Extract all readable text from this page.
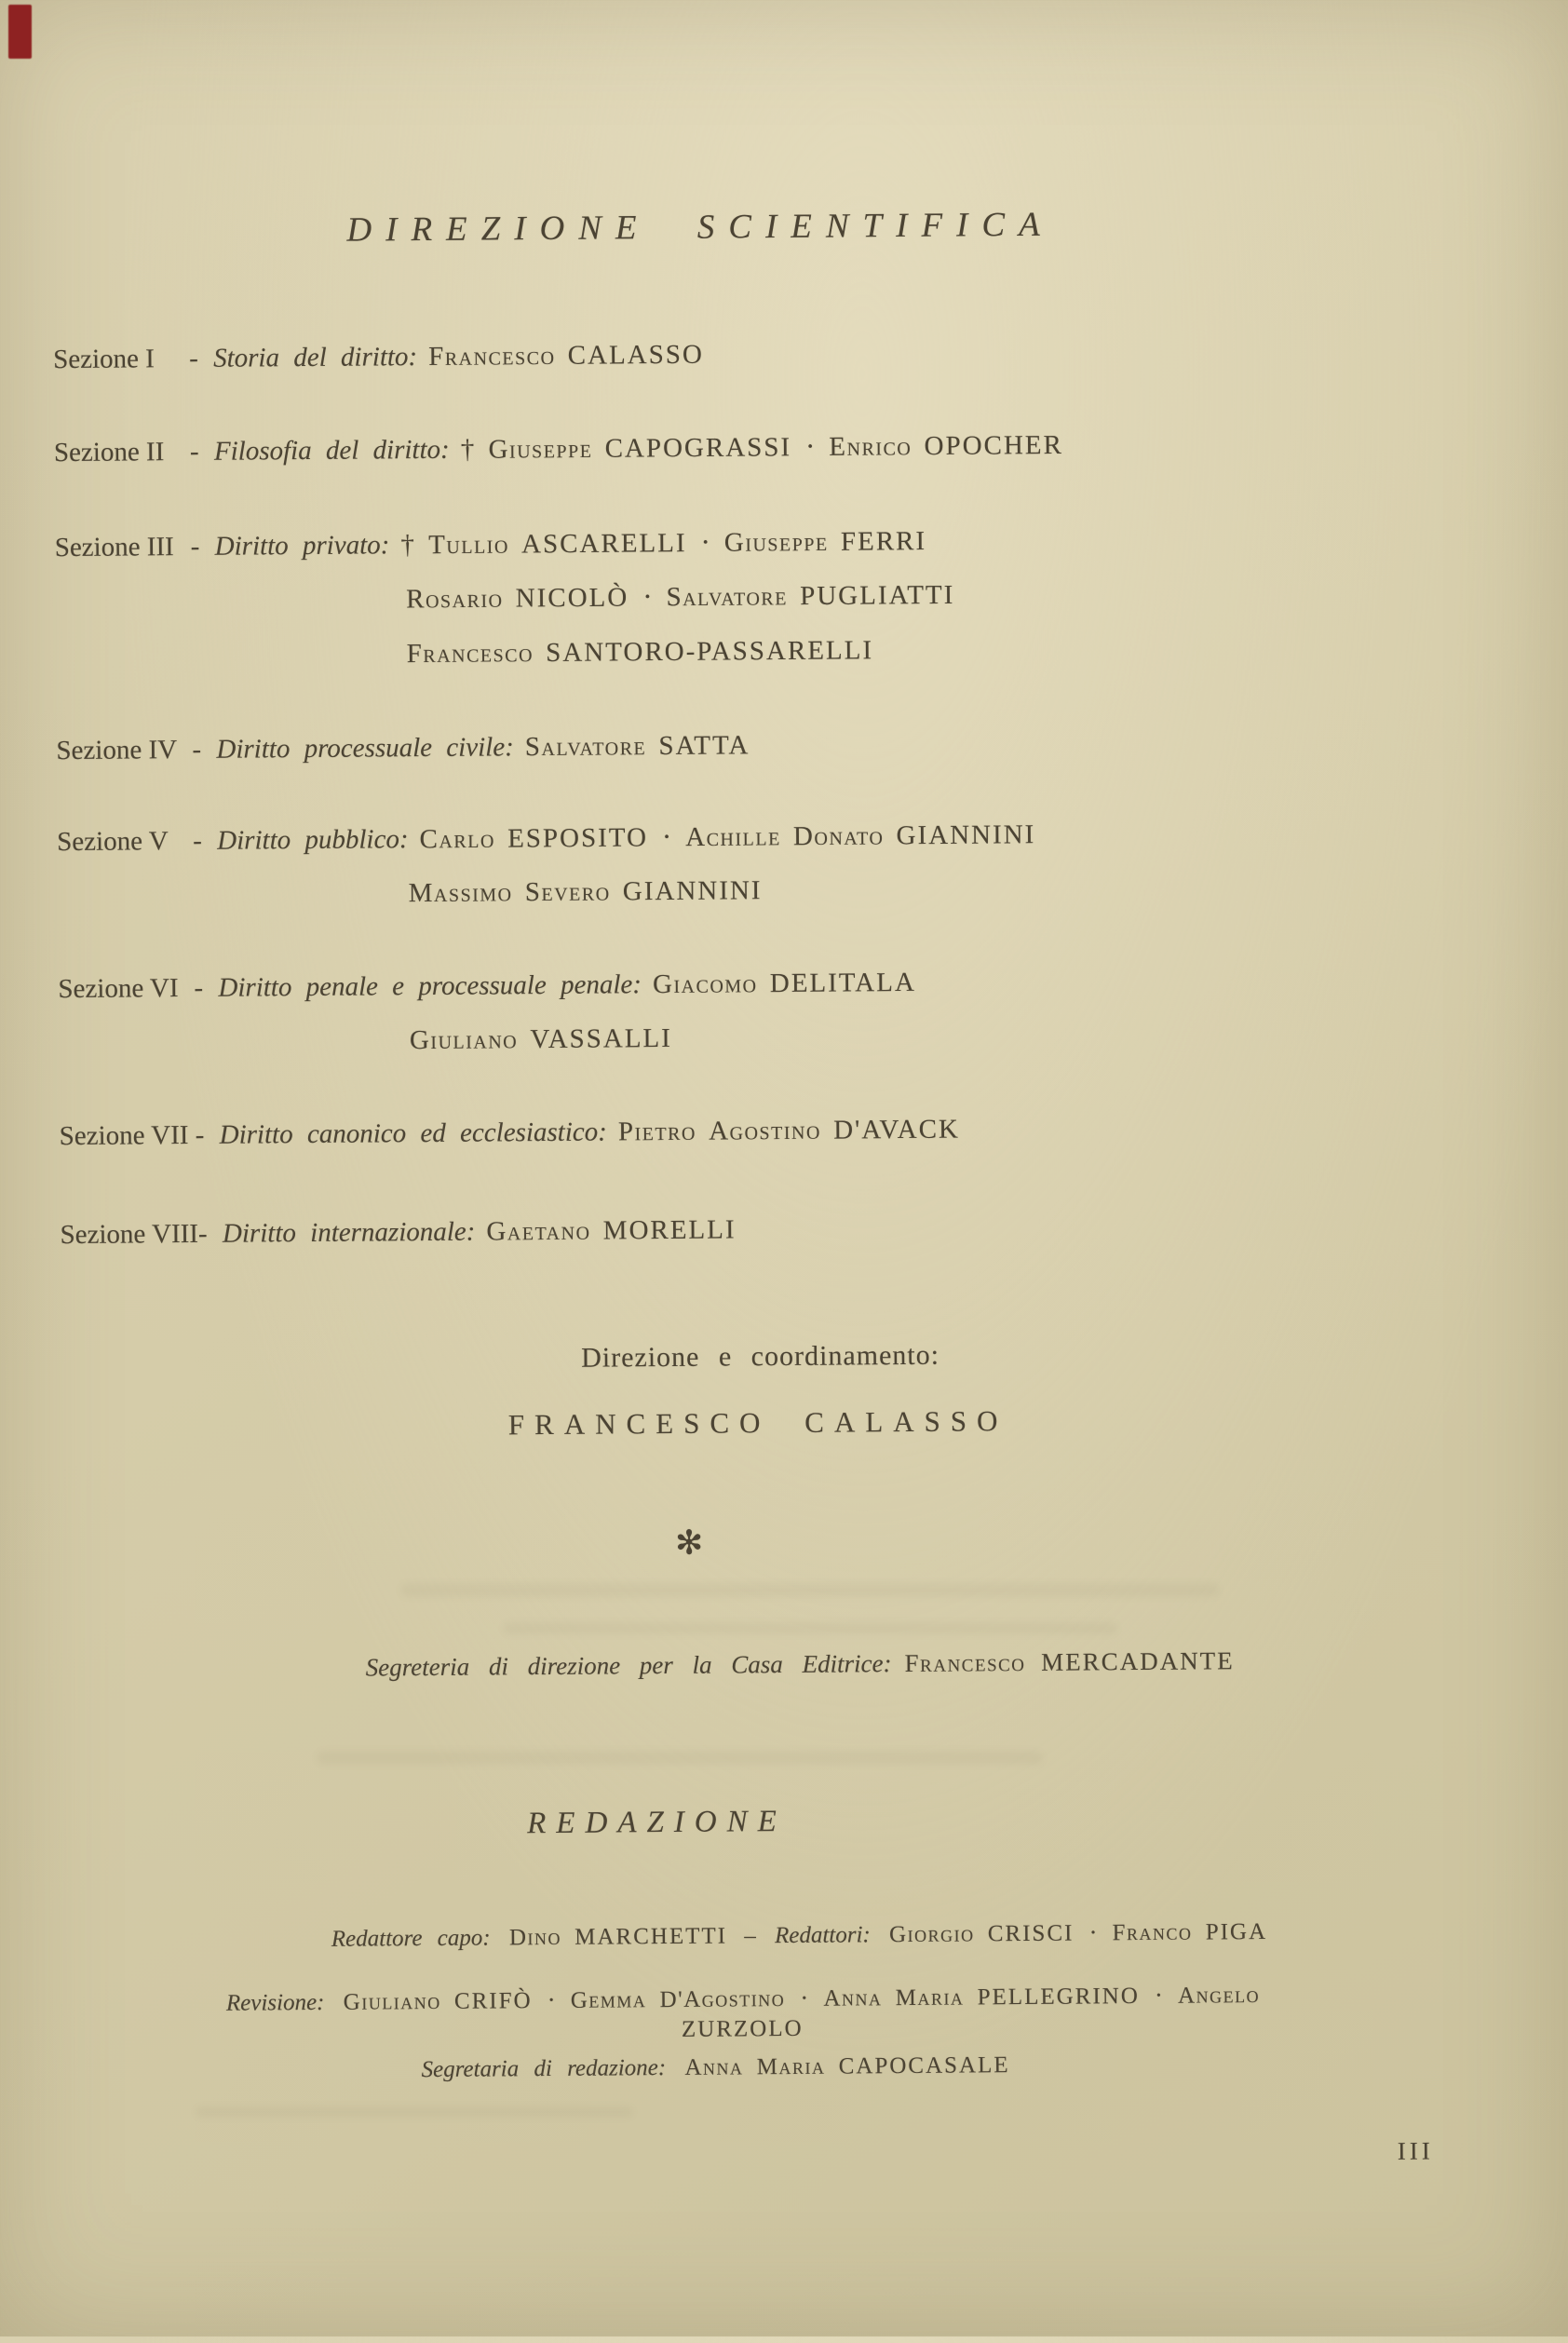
DIREZIONE SCIENTIFICA
Sezione I	- Storia del diritto: Francesco CALASSO
Sezione II - Filosofia del diritto: † Giuseppe CAPOGRASSI · Enrico OPOCHER
Sezione III - Diritto privato: † Tullio ASCARELLI · Giuseppe FERRI
Rosario NICOLÒ · Salvatore PUGLIATTI
Francesco SANTORO-PASSARELLI
Sezione IV - Diritto processuale civile: Salvatore SATTA
Sezione V - Diritto pubblico: Carlo ESPOSITO · Achille Donato GIANNINI
Massimo Severo GIANNINI
Sezione VI - Diritto penale e processuale penale: Giacomo DELITALA
Giuliano VASSALLI
Sezione VII - Diritto canonico ed ecclesiastico: Pietro Agostino D'AVACK
Sezione VIII - Diritto internazionale: Gaetano MORELLI
Direzione e coordinamento:
FRANCESCO CALASSO
✻
Segreteria di direzione per la Casa Editrice: Francesco MERCADANTE
REDAZIONE
Redattore capo: Dino MARCHETTI – Redattori: Giorgio CRISCI · Franco PIGA
Revisione: Giuliano CRIFÒ · Gemma D'Agostino · Anna Maria PELLEGRINO · Angelo ZURZOLO
Segretaria di redazione: Anna Maria CAPOCASALE
III
